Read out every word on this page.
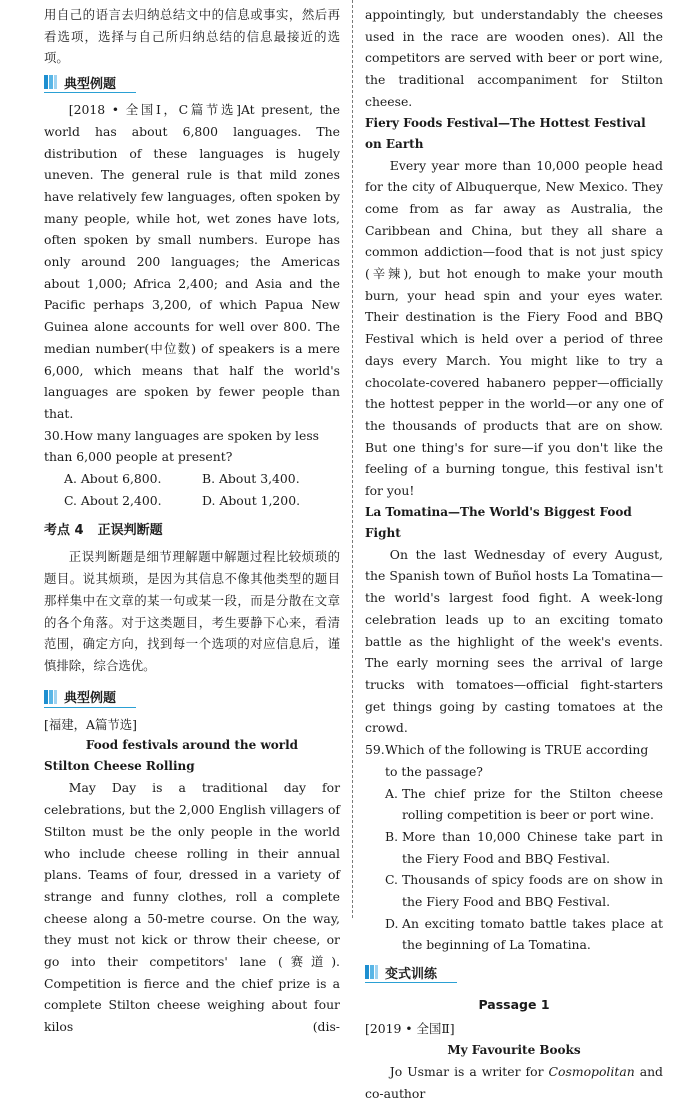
用自己的语言去归纳总结文中的信息或事实，然后再看选项，选择与自己所归纳总结的信息最接近的选项。

典型例题

[2018 • 全国Ⅰ，C篇节选]At present, the world has about 6,800 languages. The distribution of these languages is hugely uneven. The general rule is that mild zones have relatively few languages, often spoken by many people, while hot, wet zones have lots, often spoken by small numbers. Europe has only around 200 languages; the Americas about 1,000; Africa 2,400; and Asia and the Pacific perhaps 3,200, of which Papua New Guinea alone accounts for well over 800. The median number(中位数) of speakers is a mere 6,000, which means that half the world's languages are spoken by fewer people than that.

30.How many languages are spoken by less than 6,000 people at present?
A. About 6,800.	B. About 3,400.
C. About 2,400.	D. About 1,200.
考点 4 正误判断题

正误判断题是细节理解题中解题过程比较烦琐的题目。说其烦琐，是因为其信息不像其他类型的题目那样集中在文章的某一句或某一段，而是分散在文章的各个角落。对于这类题目，考生要静下心来，看清范围，确定方向，找到每一个选项的对应信息后，谨慎排除，综合选优。

典型例题

[福建，A篇节选]

Food festivals around the world

Stilton Cheese Rolling

May Day is a traditional day for celebrations, but the 2,000 English villagers of Stilton must be the only people in the world who include cheese rolling in their annual plans. Teams of four, dressed in a variety of strange and funny clothes, roll a complete cheese along a 50-metre course. On the way, they must not kick or throw their cheese, or go into their competitors' lane (赛道). Competition is fierce and the chief prize is a complete Stilton cheese weighing about four kilos (dis-

appointingly, but understandably the cheeses used in the race are wooden ones). All the competitors are served with beer or port wine, the traditional accompaniment for Stilton cheese.

Fiery Foods Festival—The Hottest Festival on Earth

Every year more than 10,000 people head for the city of Albuquerque, New Mexico. They come from as far away as Australia, the Caribbean and China, but they all share a common addiction—food that is not just spicy (辛辣), but hot enough to make your mouth burn, your head spin and your eyes water. Their destination is the Fiery Food and BBQ Festival which is held over a period of three days every March. You might like to try a chocolate-covered habanero pepper—officially the hottest pepper in the world—or any one of the thousands of products that are on show. But one thing's for sure—if you don't like the feeling of a burning tongue, this festival isn't for you!

La Tomatina—The World's Biggest Food Fight

On the last Wednesday of every August, the Spanish town of Buñol hosts La Tomatina—the world's largest food fight. A week-long celebration leads up to an exciting tomato battle as the highlight of the week's events. The early morning sees the arrival of large trucks with tomatoes—official fight-starters get things going by casting tomatoes at the crowd.

59.Which of the following is TRUE according to the passage?
A. The chief prize for the Stilton cheese rolling competition is beer or port wine.
B. More than 10,000 Chinese take part in the Fiery Food and BBQ Festival.
C. Thousands of spicy foods are on show in the Fiery Food and BBQ Festival.
D. An exciting tomato battle takes place at the beginning of La Tomatina.
变式训练

Passage 1

[2019 • 全国Ⅱ]

My Favourite Books

Jo Usmar is a writer for Cosmopolitan and co-author
